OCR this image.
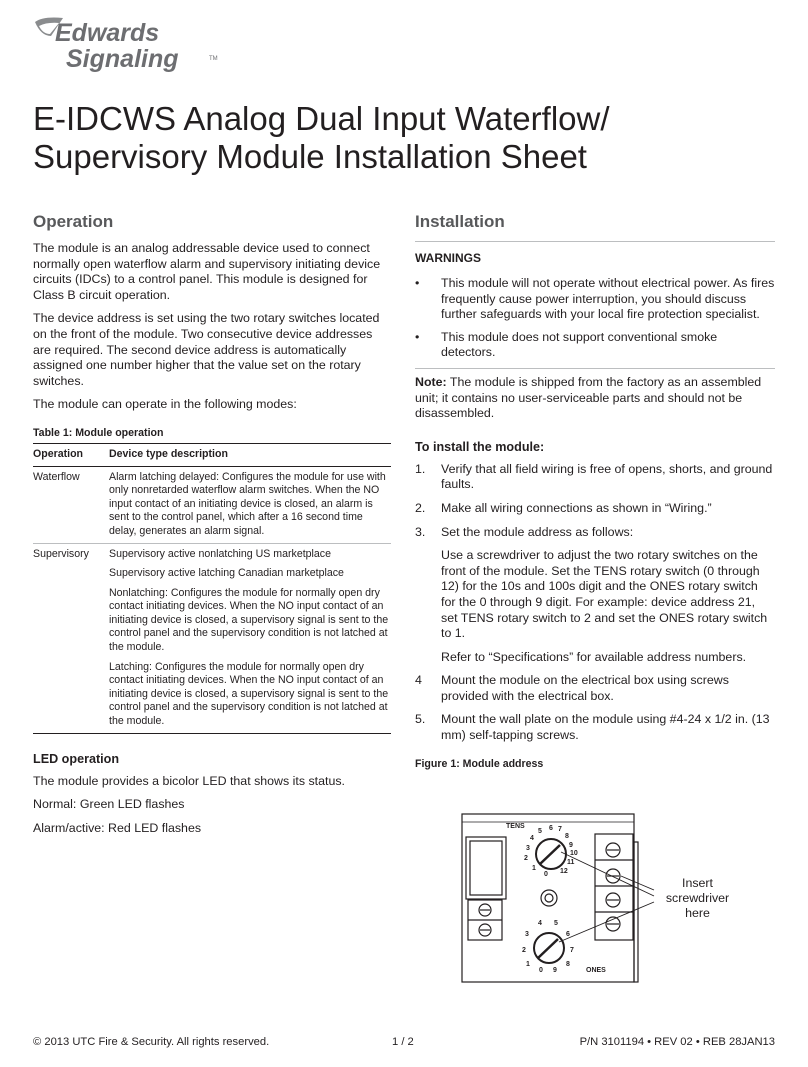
Edwards
Signaling	TM
E-IDCWS Analog Dual Input Waterflow/
Supervisory Module Installation Sheet
Operation

The module is an analog addressable device used to connect normally open waterflow alarm and supervisory initiating device circuits (IDCs) to a control panel. This module is designed for Class B circuit operation.

The device address is set using the two rotary switches located on the front of the module. Two consecutive device addresses are required. The second device address is automatically assigned one number higher that the value set on the rotary switches.

The module can operate in the following modes:

Table 1: Module operation
Operation	Device type description
Waterflow	Alarm latching delayed: Configures the module for use with only nonretarded waterflow alarm switches. When the NO input contact of an initiating device is closed, an alarm is sent to the control panel, which after a 16 second time delay, generates an alarm signal.

Supervisory	Supervisory active nonlatching US marketplace
Supervisory active latching Canadian marketplace
Nonlatching: Configures the module for normally open dry contact initiating devices. When the NO input contact of an initiating device is closed, a supervisory signal is sent to the control panel and the supervisory condition is not latched at the module.
Latching: Configures the module for normally open dry contact initiating devices. When the NO input contact of an initiating device is closed, a supervisory signal is sent to the control panel and the supervisory condition is not latched at the module.
LED operation

The module provides a bicolor LED that shows its status.

Normal: Green LED flashes

Alarm/active: Red LED flashes

Installation
WARNINGS
• This module will not operate without electrical power. As fires frequently cause power interruption, you should discuss further safeguards with your local fire protection specialist.
• This module does not support conventional smoke detectors.

Note: The module is shipped from the factory as an assembled unit; it contains no user-serviceable parts and should not be disassembled.

To install the module:
1. Verify that all field wiring is free of opens, shorts, and ground faults.
2. Make all wiring connections as shown in “Wiring.”
3. Set the module address as follows:
Use a screwdriver to adjust the two rotary switches on the front of the module. Set the TENS rotary switch (0 through 12) for the 10s and 100s digit and the ONES rotary switch for the 0 through 9 digit. For example: device address 21, set TENS rotary switch to 2 and set the ONES rotary switch to 1.
Refer to “Specifications” for available address numbers.
4 Mount the module on the electrical box using screws provided with the electrical box.
5. Mount the wall plate on the module using #4-24 x 1/2 in. (13 mm) self-tapping screws.
Figure 1: Module address
TENS
ONES
0
1
2
3
4
5 6 7
8
9
10
11
12
0
1
2
3
4 5
6
7
8
9
Insert
screwdriver
here
© 2013 UTC Fire & Security. All rights reserved.	1 / 2	P/N 3101194 • REV 02 • REB 28JAN13
